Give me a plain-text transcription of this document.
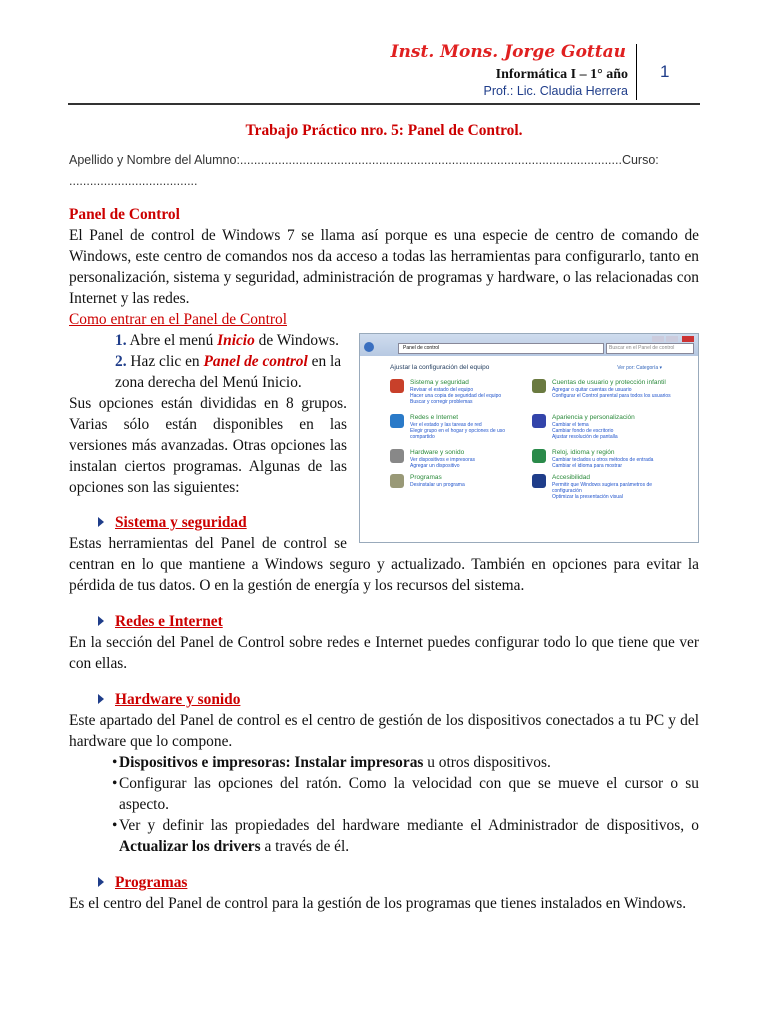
Inst. Mons. Jorge Gottau
Informática I – 1° año
Prof.: Lic. Claudia Herrera
1
Trabajo Práctico nro. 5: Panel de Control.
Apellido y Nombre del Alumno:..............................................................................................................Curso: .....................................
Panel de Control

El Panel de control de Windows 7 se llama así porque es una especie de centro de comando de Windows, este centro de comandos nos da acceso a todas las herramientas para configurarlo, tanto en personalización, sistema y seguridad, administración de programas y hardware, o las relacionadas con Internet y las redes.

Como entrar en el Panel de Control
Panel de control	Buscar en el Panel de control
Ajustar la configuración del equipo	Ver por: Categoría ▾
Sistema y seguridad
Revisar el estado del equipo
Hacer una copia de seguridad del equipo
Buscar y corregir problemas
Redes e Internet
Ver el estado y las tareas de red
Elegir grupo en el hogar y opciones de uso compartido
Hardware y sonido
Ver dispositivos e impresoras
Agregar un dispositivo
Programas
Desinstalar un programa
Cuentas de usuario y protección infantil
Agregar o quitar cuentas de usuario
Configurar el Control parental para todos los usuarios
Apariencia y personalización
Cambiar el tema
Cambiar fondo de escritorio
Ajustar resolución de pantalla
Reloj, idioma y región
Cambiar teclados u otros métodos de entrada
Cambiar el idioma para mostrar
Accesibilidad
Permitir que Windows sugiera parámetros de configuración
Optimizar la presentación visual
1. Abre el menú Inicio de Windows.
2. Haz clic en Panel de control en la zona derecha del Menú Inicio.

Sus opciones están divididas en 8 grupos. Varias sólo están disponibles en las versiones más avanzadas. Otras opciones las instalan ciertos programas. Algunas de las opciones son las siguientes:

Sistema y seguridad

Estas herramientas del Panel de control se centran en lo que mantiene a Windows seguro y actualizado. También en opciones para evitar la pérdida de tus datos. O en la gestión de energía y los recursos del sistema.

Redes e Internet

En la sección del Panel de Control sobre redes e Internet puedes configurar todo lo que tiene que ver con ellas.

Hardware y sonido

Este apartado del Panel de control es el centro de gestión de los dispositivos conectados a tu PC y del hardware que lo compone.

• Dispositivos e impresoras: Instalar impresoras u otros dispositivos.
• Configurar las opciones del ratón. Como la velocidad con que se mueve el cursor o su aspecto.
• Ver y definir las propiedades del hardware mediante el Administrador de dispositivos, o Actualizar los drivers a través de él.
Programas

Es el centro del Panel de control para la gestión de los programas que tienes instalados en Windows.
